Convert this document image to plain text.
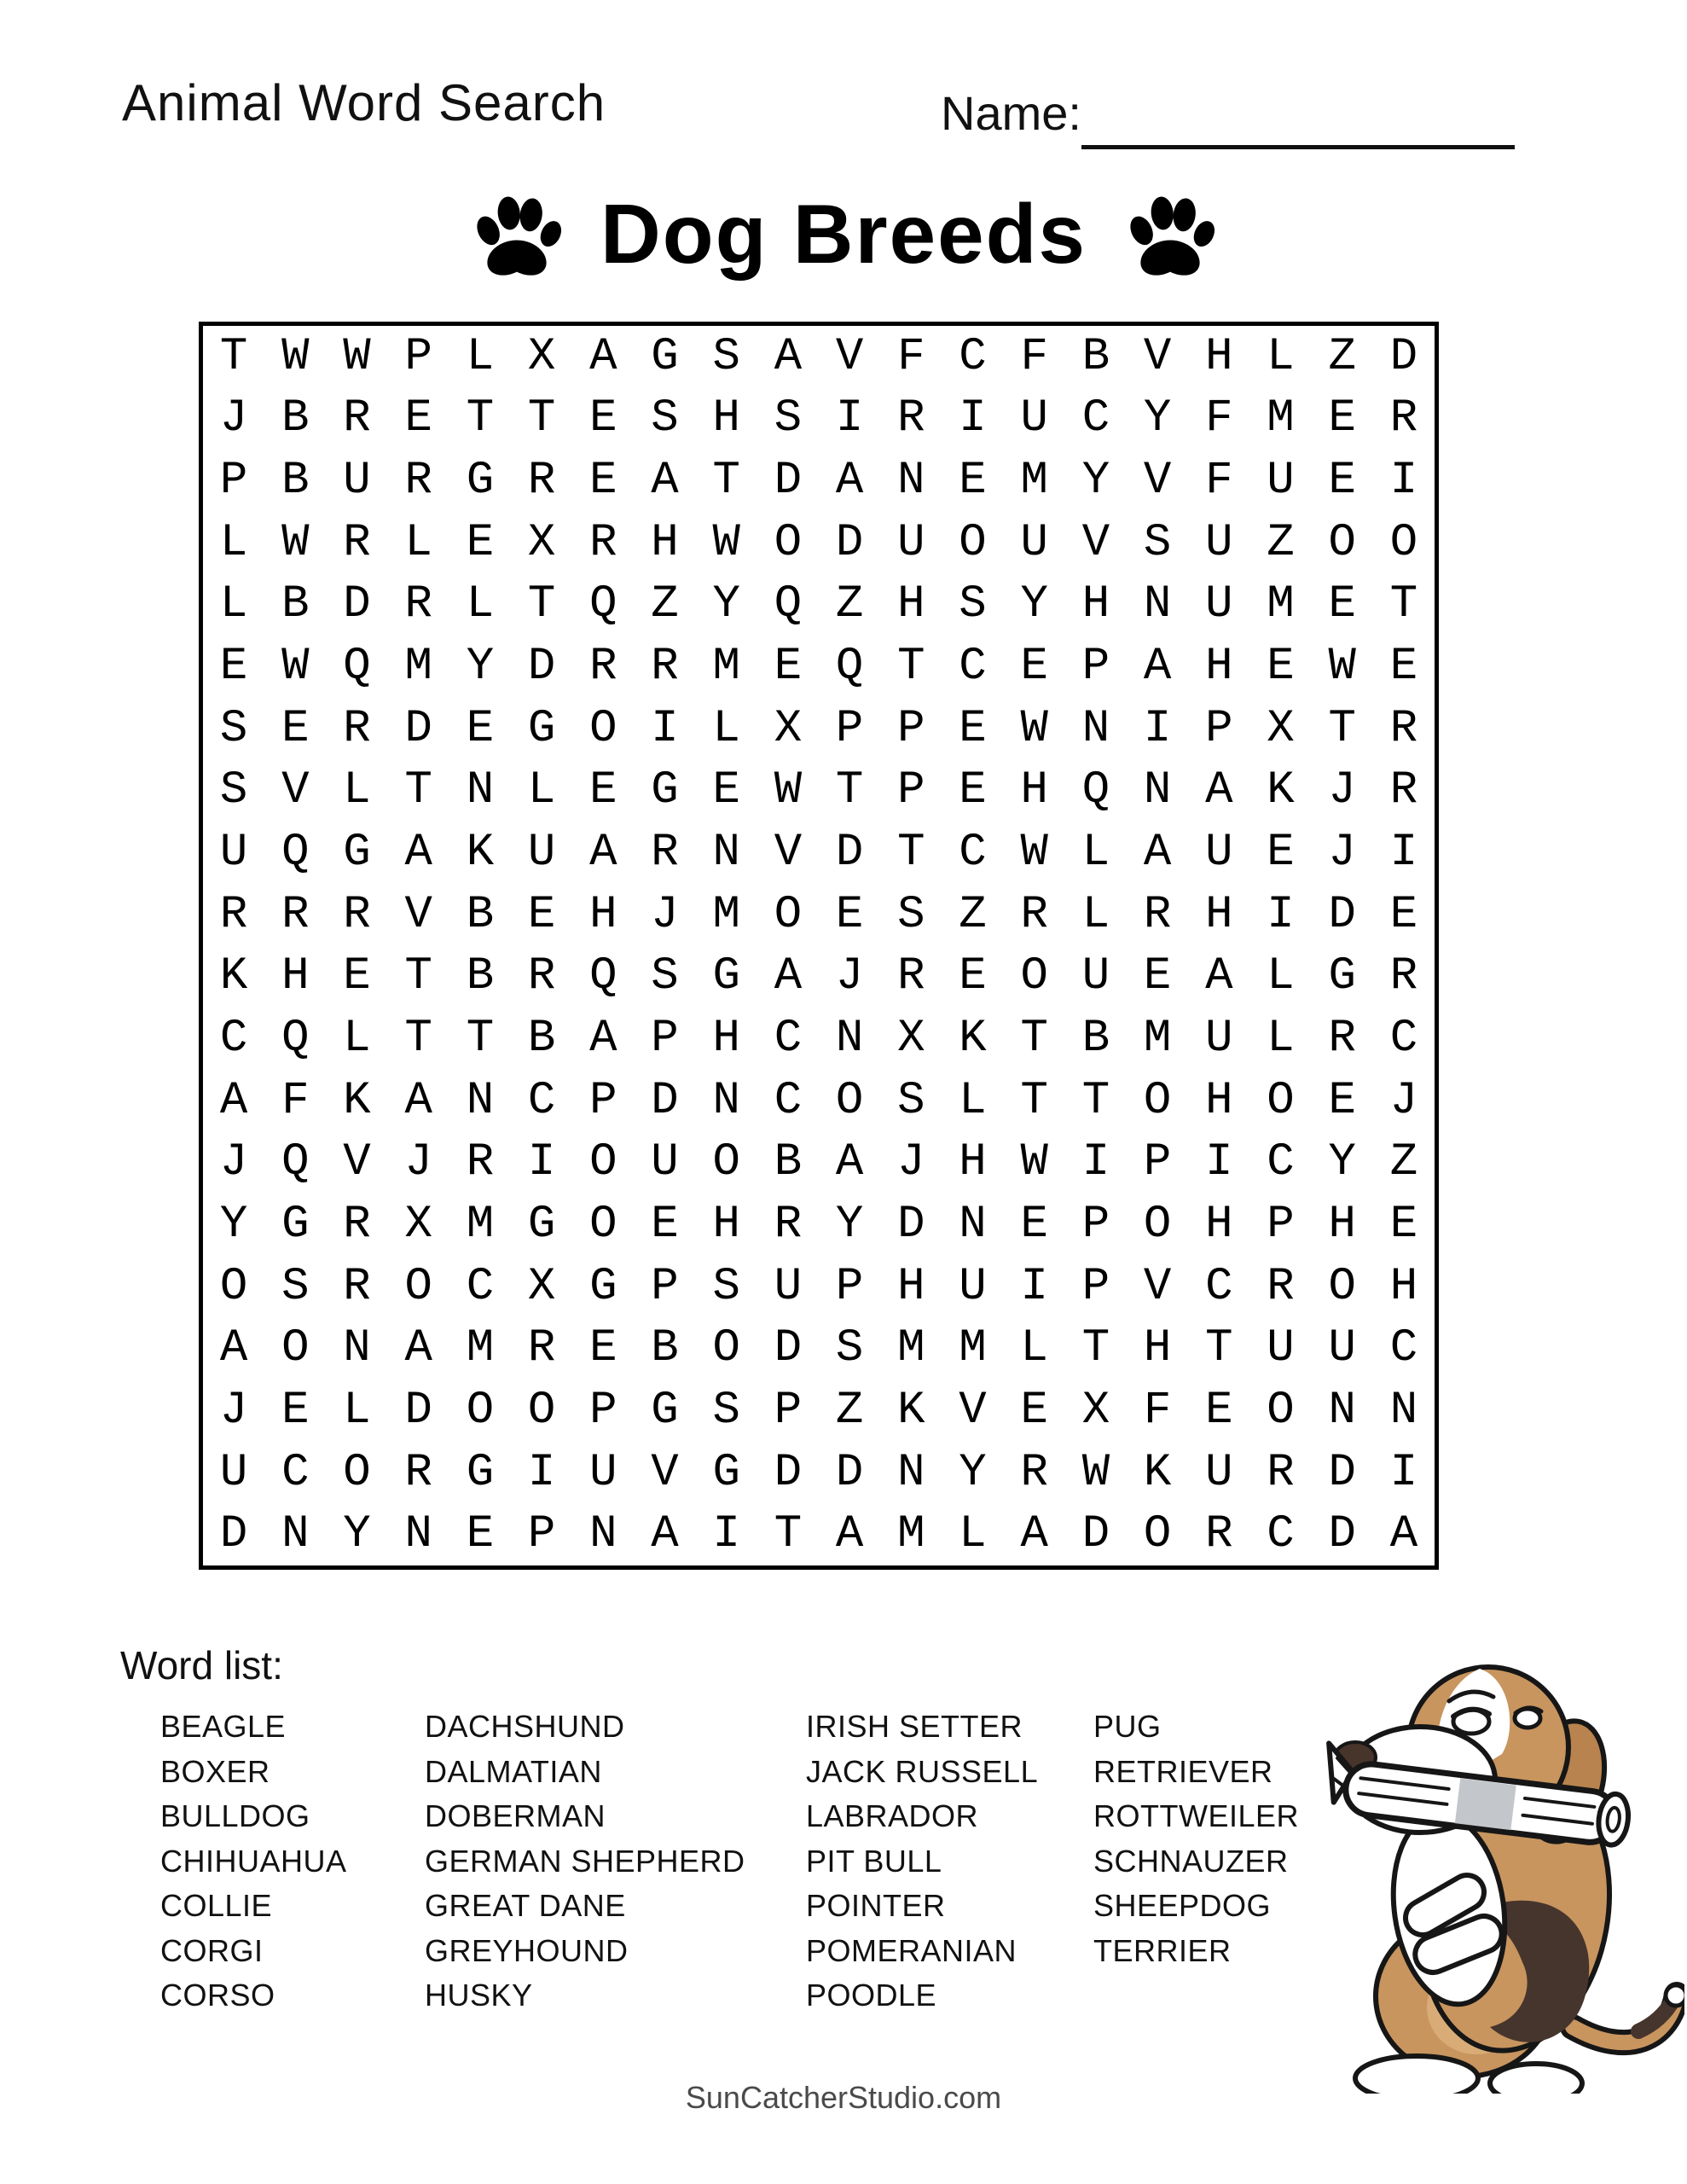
Animal Word Search	Name:
Dog Breeds
T W W P L X A G S A V F C F B V H L Z D
J B R E T T E S H S I R I U C Y F M E R
P B U R G R E A T D A N E M Y V F U E I
L W R L E X R H W O D U O U V S U Z O O
L B D R L T Q Z Y Q Z H S Y H N U M E T
E W Q M Y D R R M E Q T C E P A H E W E
S E R D E G O I L X P P E W N I P X T R
S V L T N L E G E W T P E H Q N A K J R
U Q G A K U A R N V D T C W L A U E J I
R R R V B E H J M O E S Z R L R H I D E
K H E T B R Q S G A J R E O U E A L G R
C Q L T T B A P H C N X K T B M U L R C
A F K A N C P D N C O S L T T O H O E J
J Q V J R I O U O B A J H W I P I C Y Z
Y G R X M G O E H R Y D N E P O H P H E
O S R O C X G P S U P H U I P V C R O H
A O N A M R E B O D S M M L T H T U U C
J E L D O O P G S P Z K V E X F E O N N
U C O R G I U V G D D N Y R W K U R D I
D N Y N E P N A I T A M L A D O R C D A
Word list:
BEAGLE
BOXER
BULLDOG
CHIHUAHUA
COLLIE
CORGI
CORSO
DACHSHUND
DALMATIAN
DOBERMAN
GERMAN SHEPHERD
GREAT DANE
GREYHOUND
HUSKY
IRISH SETTER
JACK RUSSELL
LABRADOR
PIT BULL
POINTER
POMERANIAN
POODLE
PUG
RETRIEVER
ROTTWEILER
SCHNAUZER
SHEEPDOG
TERRIER
SunCatcherStudio.com
